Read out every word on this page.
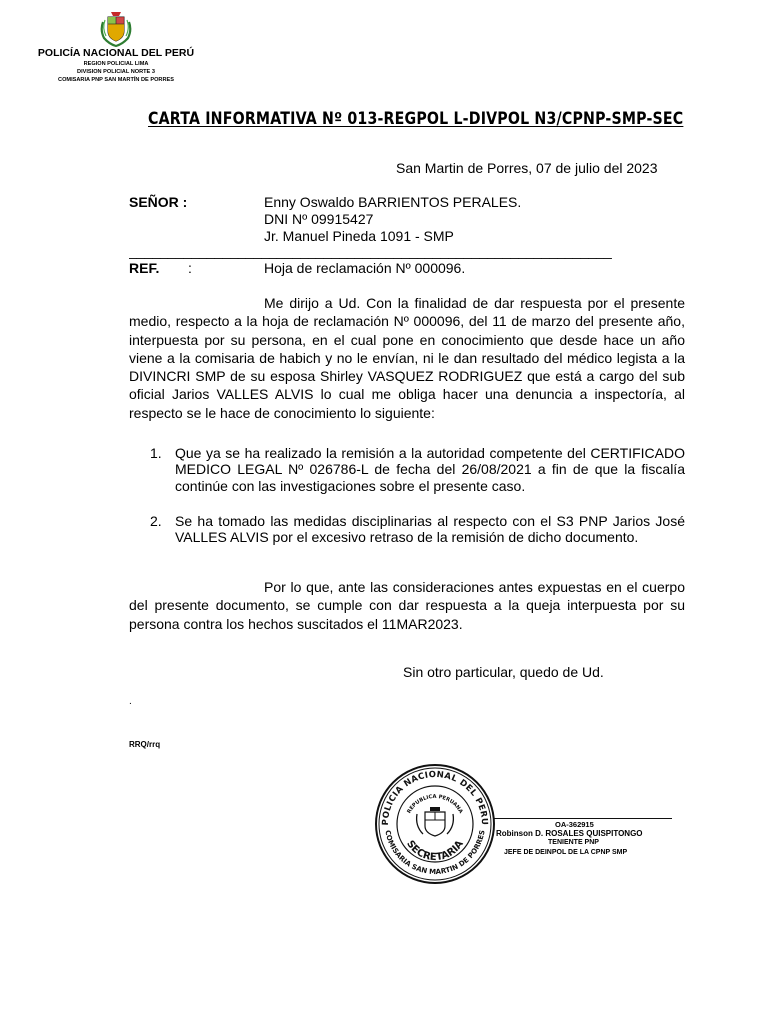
POLICÍA NACIONAL DEL PERÚ
REGION POLICIAL LIMA
DIVISION POLICIAL NORTE 3
COMISARIA PNP SAN MARTÍN DE PORRES
CARTA INFORMATIVA Nº 013-REGPOL L-DIVPOL N3/CPNP-SMP-SEC
San Martin de Porres, 07 de julio del 2023
SEÑOR :	Enny Oswaldo BARRIENTOS PERALES.
DNI Nº 09915427
Jr. Manuel Pineda 1091 - SMP
______________________________________________________________
REF. :	Hoja de reclamación Nº 000096.
Me dirijo a Ud. Con la finalidad de dar respuesta por el presente medio, respecto a la hoja de reclamación Nº 000096, del 11 de marzo del presente año, interpuesta por su persona, en el cual pone en conocimiento que desde hace un año viene a la comisaria de habich y no le envían, ni le dan resultado del médico legista a la DIVINCRI SMP de su esposa Shirley VASQUEZ RODRIGUEZ que está a cargo del sub oficial Jarios VALLES ALVIS lo cual me obliga hacer una denuncia a inspectoría, al respecto se le hace de conocimiento lo siguiente:
1. Que ya se ha realizado la remisión a la autoridad competente del CERTIFICADO MEDICO LEGAL Nº 026786-L de fecha del 26/08/2021 a fin de que la fiscalía continúe con las investigaciones sobre el presente caso.
2. Se ha tomado las medidas disciplinarias al respecto con el S3 PNP Jarios José VALLES ALVIS por el excesivo retraso de la remisión de dicho documento.
Por lo que, ante las consideraciones antes expuestas en el cuerpo del presente documento, se cumple con dar respuesta a la queja interpuesta por su persona contra los hechos suscitados el 11MAR2023.
Sin otro particular, quedo de Ud.
.
RRQ/rrq
POLICIA NACIONAL DEL PERU
COMISARIA SAN MARTIN DE PORRES
REPUBLICA PERUANA
SECRETARIA
OA-362915
Robinson D. ROSALES QUISPITONGO
TENIENTE PNP
JEFE DE DEINPOL DE LA CPNP SMP
